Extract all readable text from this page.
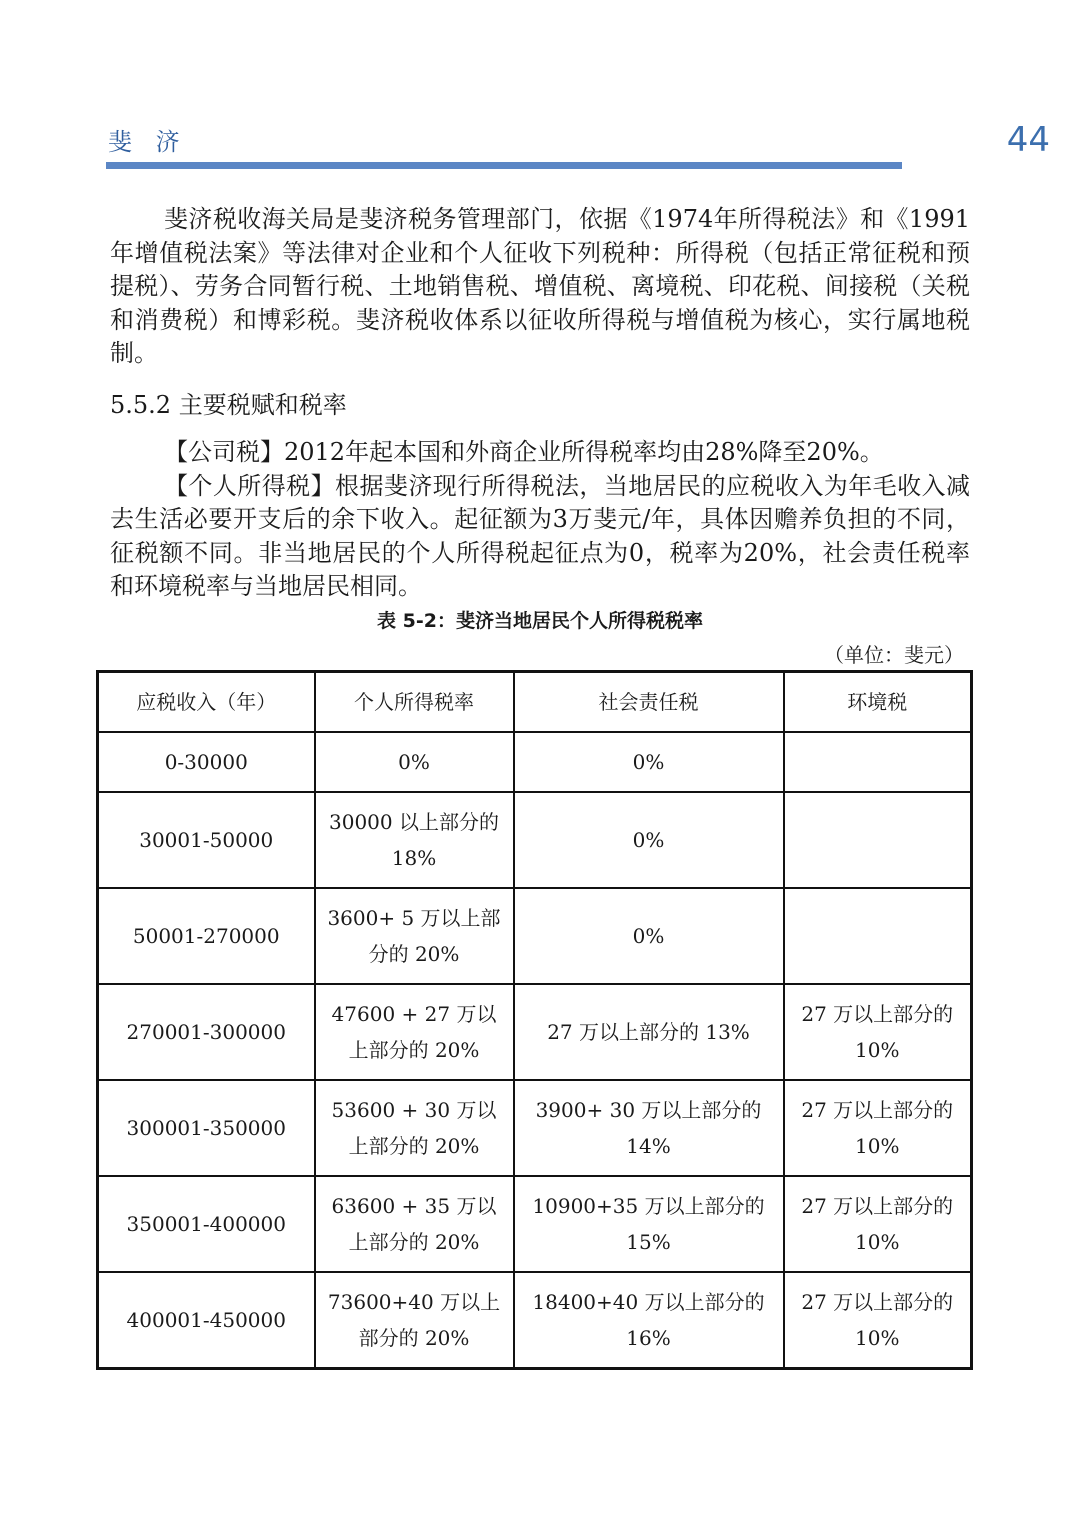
斐 济	44

斐济税收海关局是斐济税务管理部门，依据《1974年所得税法》和《1991年增值税法案》等法律对企业和个人征收下列税种：所得税（包括正常征税和预提税）、劳务合同暂行税、土地销售税、增值税、离境税、印花税、间接税（关税和消费税）和博彩税。斐济税收体系以征收所得税与增值税为核心，实行属地税制。

5.5.2 主要税赋和税率

【公司税】2012年起本国和外商企业所得税率均由28%降至20%。

【个人所得税】根据斐济现行所得税法，当地居民的应税收入为年毛收入减去生活必要开支后的余下收入。起征额为3万斐元/年，具体因赡养负担的不同，征税额不同。非当地居民的个人所得税起征点为0，税率为20%，社会责任税率和环境税率与当地居民相同。

表 5-2：斐济当地居民个人所得税税率
（单位：斐元）
应税收入（年）	个人所得税率	社会责任税	环境税
0-30000	0%	0%	
30001-50000	30000 以上部分的 18%	0%	
50001-270000	3600+ 5 万以上部分的 20%	0%	
270001-300000	47600 + 27 万以上部分的 20%	27 万以上部分的 13%	27 万以上部分的 10%
300001-350000	53600 + 30 万以上部分的 20%	3900+ 30 万以上部分的 14%	27 万以上部分的 10%
350001-400000	63600 + 35 万以上部分的 20%	10900+35 万以上部分的 15%	27 万以上部分的 10%
400001-450000	73600+40 万以上部分的 20%	18400+40 万以上部分的 16%	27 万以上部分的 10%
